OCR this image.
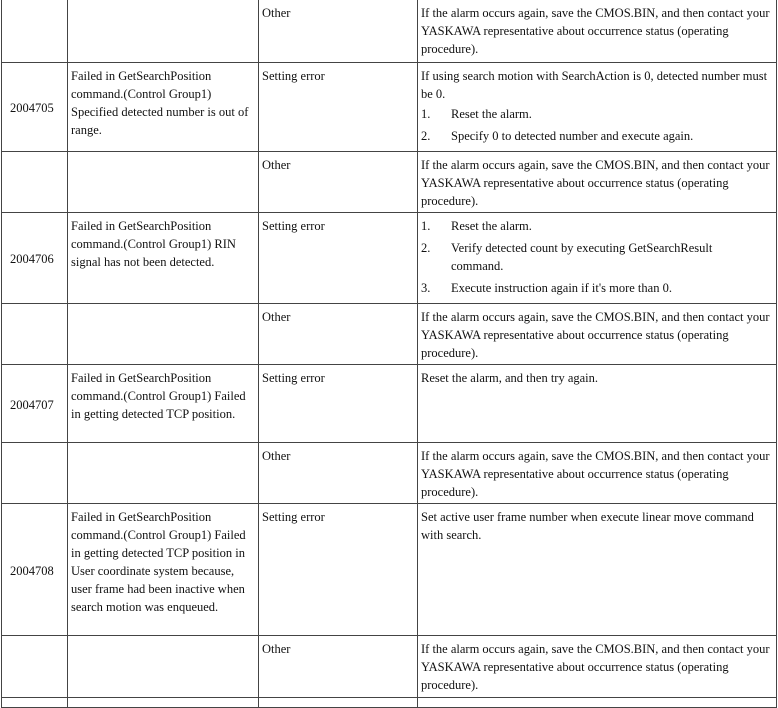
		Other	If the alarm occurs again, save the CMOS.BIN, and then contact your YASKAWA representative about occurrence status (operating procedure).
2004705	Failed in GetSearchPosition command.(Control Group1) Specified detected number is out of range.	Setting error	If using search motion with SearchAction is 0, detected number must be 0.
1. Reset the alarm.
2. Specify 0 to detected number and execute again.

		Other	If the alarm occurs again, save the CMOS.BIN, and then contact your YASKAWA representative about occurrence status (operating procedure).
2004706	Failed in GetSearchPosition command.(Control Group1) RIN signal has not been detected.	Setting error	1. Reset the alarm.
2. Verify detected count by executing GetSearchResult
command.
3. Execute instruction again if it's more than 0.

		Other	If the alarm occurs again, save the CMOS.BIN, and then contact your YASKAWA representative about occurrence status (operating procedure).
2004707	Failed in GetSearchPosition command.(Control Group1) Failed in getting detected TCP position.	Setting error	Reset the alarm, and then try again.
		Other	If the alarm occurs again, save the CMOS.BIN, and then contact your YASKAWA representative about occurrence status (operating procedure).
2004708	Failed in GetSearchPosition command.(Control Group1) Failed in getting detected TCP position in User coordinate system because, user frame had been inactive when search motion was enqueued.	Setting error	Set active user frame number when execute linear move command with search.
		Other	If the alarm occurs again, save the CMOS.BIN, and then contact your YASKAWA representative about occurrence status (operating procedure).
